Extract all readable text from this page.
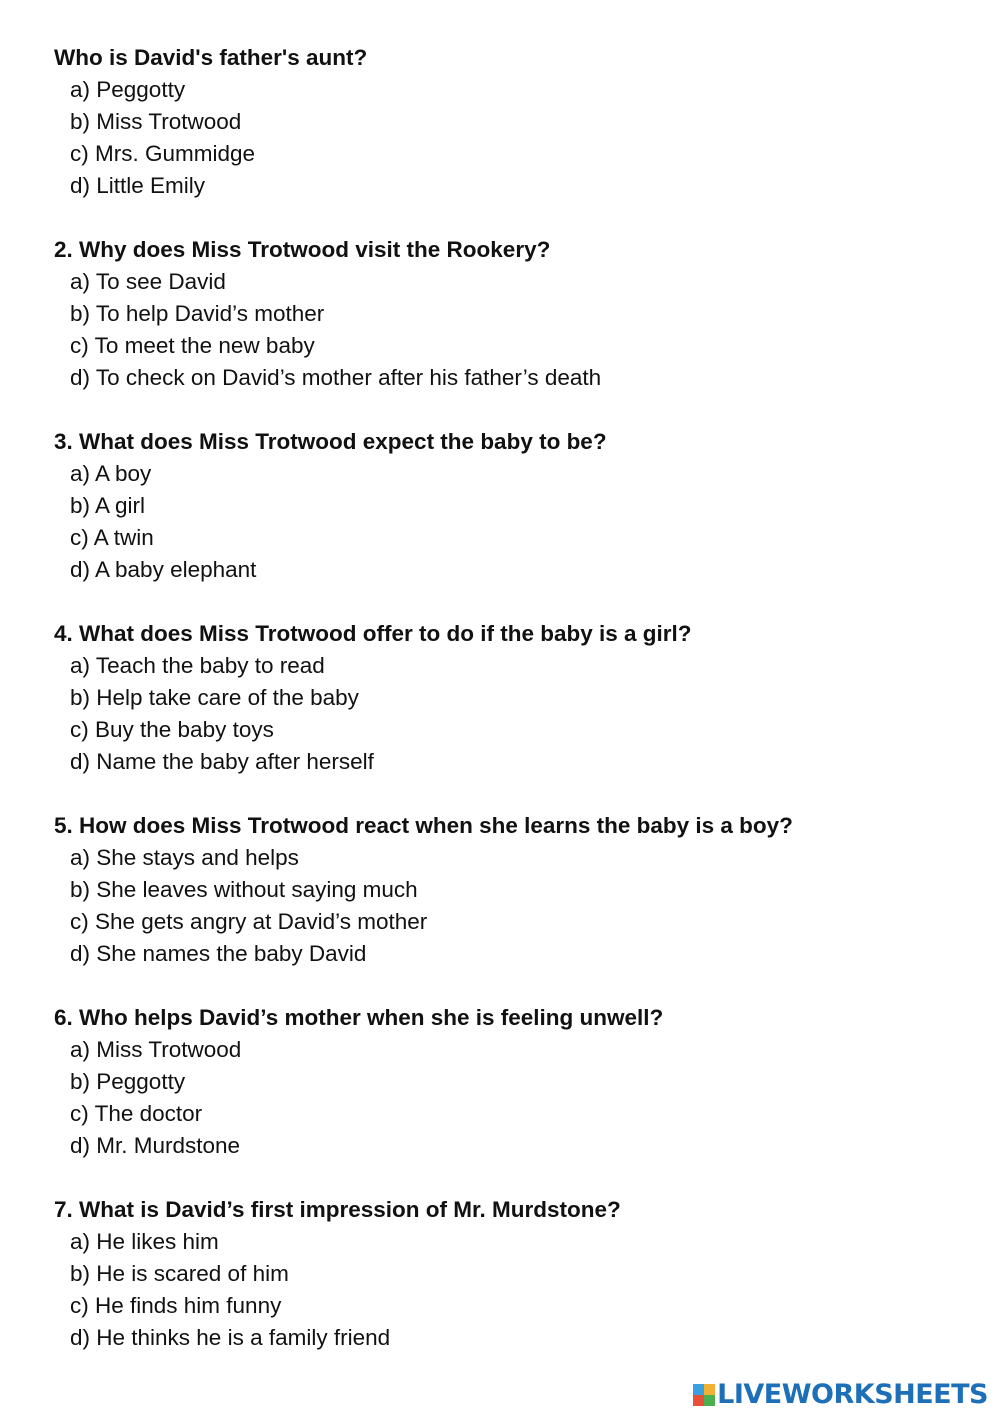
Who is David's father's aunt?
a) Peggotty
b) Miss Trotwood
c) Mrs. Gummidge
d) Little Emily
2. Why does Miss Trotwood visit the Rookery?
a) To see David
b) To help David’s mother
c) To meet the new baby
d) To check on David’s mother after his father’s death
3. What does Miss Trotwood expect the baby to be?
a) A boy
b) A girl
c) A twin
d) A baby elephant
4. What does Miss Trotwood offer to do if the baby is a girl?
a) Teach the baby to read
b) Help take care of the baby
c) Buy the baby toys
d) Name the baby after herself
5. How does Miss Trotwood react when she learns the baby is a boy?
a) She stays and helps
b) She leaves without saying much
c) She gets angry at David’s mother
d) She names the baby David
6. Who helps David’s mother when she is feeling unwell?
a) Miss Trotwood
b) Peggotty
c) The doctor
d) Mr. Murdstone
7. What is David’s first impression of Mr. Murdstone?
a) He likes him
b) He is scared of him
c) He finds him funny
d) He thinks he is a family friend
LIVEWORKSHEETS
